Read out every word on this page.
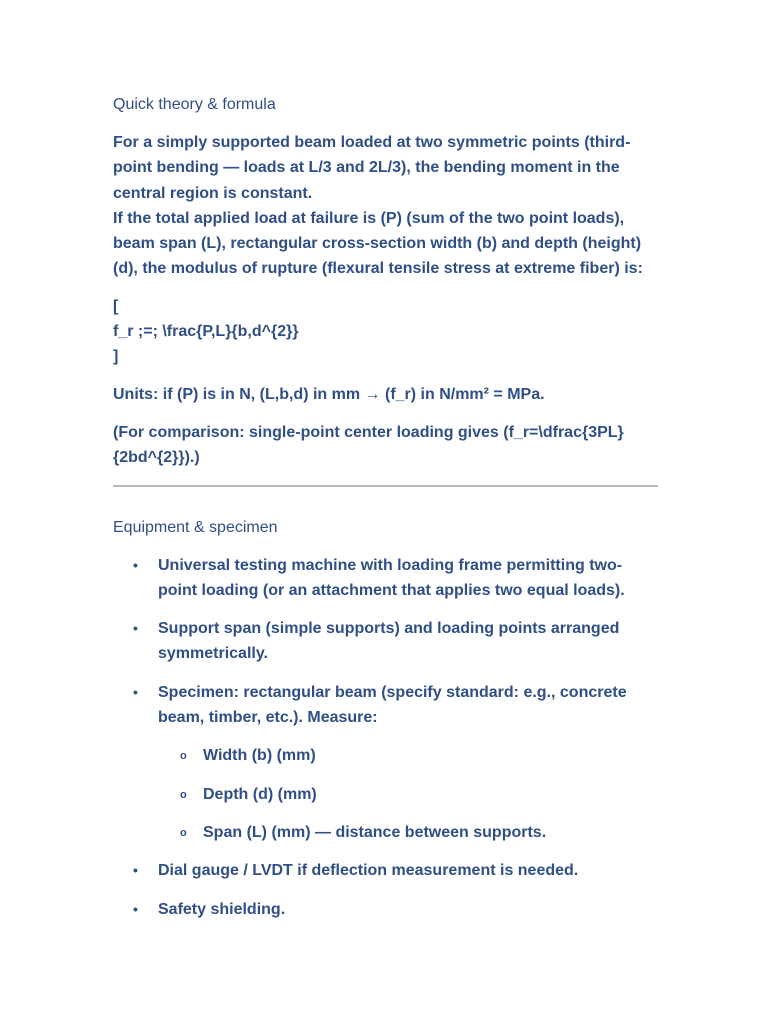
Quick theory & formula

For a simply supported beam loaded at two symmetric points (third-point bending — loads at L/3 and 2L/3), the bending moment in the central region is constant.

If the total applied load at failure is (P) (sum of the two point loads), beam span (L), rectangular cross-section width (b) and depth (height) (d), the modulus of rupture (flexural tensile stress at extreme fiber) is:

[

f_r ;=; \frac{P,L}{b,d^{2}}

]

Units: if (P) is in N, (L,b,d) in mm → (f_r) in N/mm² = MPa.

(For comparison: single-point center loading gives (f_r=\dfrac{3PL}{2bd^{2}}).)

Equipment & specimen

• Universal testing machine with loading frame permitting two-point loading (or an attachment that applies two equal loads).
• Support span (simple supports) and loading points arranged symmetrically.
• Specimen: rectangular beam (specify standard: e.g., concrete beam, timber, etc.). Measure:
o Width (b) (mm)
o Depth (d) (mm)
o Span (L) (mm) — distance between supports.
• Dial gauge / LVDT if deflection measurement is needed.
• Safety shielding.
